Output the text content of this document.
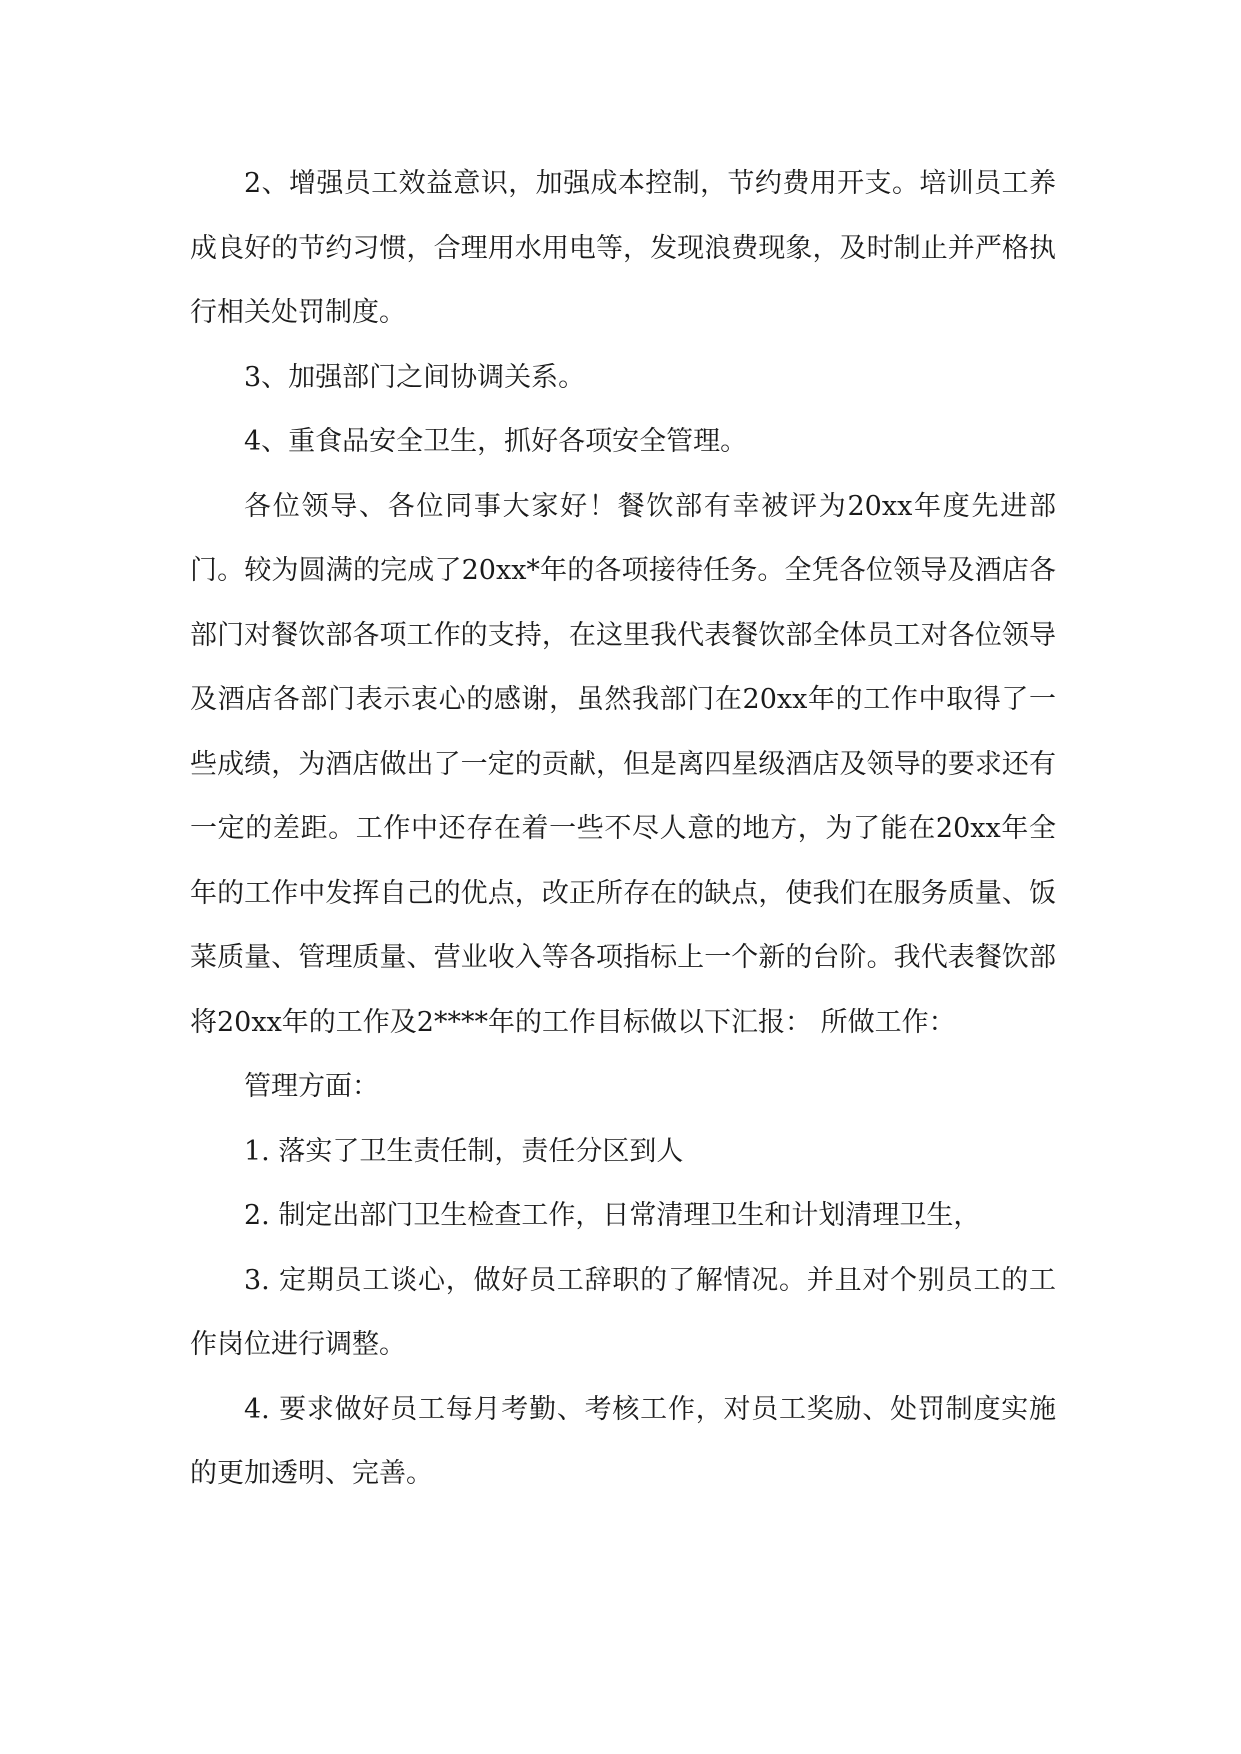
2、增强员工效益意识，加强成本控制，节约费用开支。培训员工养成良好的节约习惯，合理用水用电等，发现浪费现象，及时制止并严格执行相关处罚制度。

3、加强部门之间协调关系。

4、重食品安全卫生，抓好各项安全管理。

各位领导、各位同事大家好！餐饮部有幸被评为20xx年度先进部门。较为圆满的完成了20xx*年的各项接待任务。全凭各位领导及酒店各部门对餐饮部各项工作的支持，在这里我代表餐饮部全体员工对各位领导及酒店各部门表示衷心的感谢，虽然我部门在20xx年的工作中取得了一些成绩，为酒店做出了一定的贡献，但是离四星级酒店及领导的要求还有一定的差距。工作中还存在着一些不尽人意的地方，为了能在20xx年全年的工作中发挥自己的优点，改正所存在的缺点，使我们在服务质量、饭菜质量、管理质量、营业收入等各项指标上一个新的台阶。我代表餐饮部将20xx年的工作及2****年的工作目标做以下汇报： 所做工作：

管理方面：

1. 落实了卫生责任制，责任分区到人

2. 制定出部门卫生检查工作，日常清理卫生和计划清理卫生，

3. 定期员工谈心，做好员工辞职的了解情况。并且对个别员工的工作岗位进行调整。

4. 要求做好员工每月考勤、考核工作，对员工奖励、处罚制度实施的更加透明、完善。
